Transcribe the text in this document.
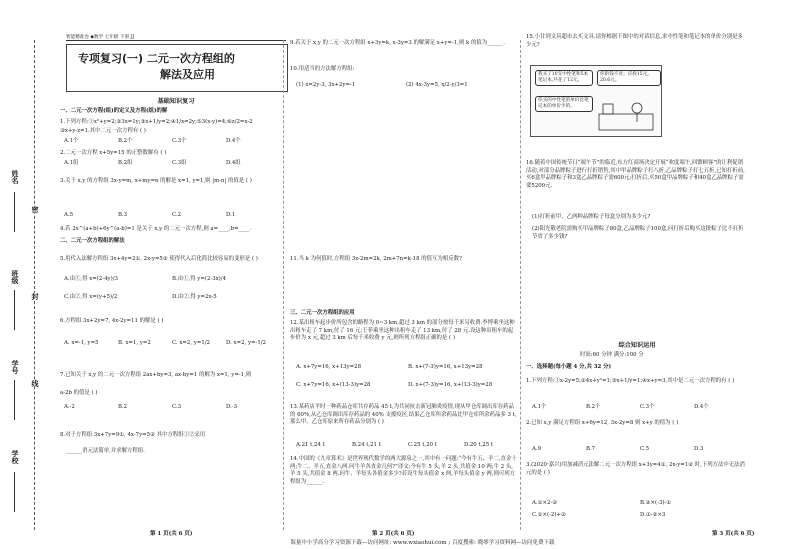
姓名
班级
学号
学校
密
封
线
智能精准卷 ◆数学 七年级 下册 JJ
专项复习(一) 二元一次方程组的
解法及应用
基础知识复习
一、二元一次方程(组)的定义及方程(组)的解
1.下列方程:①x²+y=2;②3x=1y;③x+1/y=2;④1/x=2y;⑤3(x-y)=4;⑥z/2=x-2
③x+y-z=1.其中二元一次方程有 ( )
A.1个	B.2个	C.3个	D.4个
2.二元一次方程 x+5y=15 的正整数解有 ( )
A.1组	B.2组	C.3组	D.4组
3.关于 x,y 的方程组 3x-y=m, x+my=n 的解是 x=1, y=1,则 |m-n| 的值是 ( )
A.5	B.3	C.2	D.1
4.若 2x^(a+b)+6y^(a-b)=1 是关于 x,y 的二元一次方程,则 a=____,b=____.
二、二元一次方程组的解法
5.用代入法解方程组 3x+4y=2①, 2x-y=5② 使得代入后化简比较容易的变形是 ( )
A.由①,得 x=(2-4y)/3	B.由①,得 y=(2-3x)/4
C.由②,得 x=(y+5)/2	D.由②,得 y=2x-5
6.方程组 3x+2y=7, 4x-2y=11 的解是 ( )
A. x=-1, y=5	B. x=1, y=2	C. x=2, y=1/2	D. x=2, y=-1/2
7.已知关于 x,y 的二元一次方程组 2ax+by=3, ax-by=1 的解为 x=1, y=-1,则
a-2b 的值是 ( )
A.-2	B.2	C.3	D.-3
8.对于方程组 3x+7y=9①, 4x-7y=5② 其中方程组①②采用
______消元法简单,并求解方程组.
9.若关于 x,y 的二元一次方程组 x+3y=k, x-3y=3 的解满足 x+y=-1,则 k 的值为______.
10.用适当的方法解方程组:
(1) x=2y-3, 3x+2y=-1	(2) 4x-3y=5, x/2-y/3=1
11.当 k 为何值时,方程组 3x-2m=2k, 2m+7n=k-18 的值互为相反数?
三、二元一次方程组的应用
12.某出租车起步价所包含的路程为 0~3 km,超过 3 km 的部分按每千米另收费.李博乘坐这种出租车走了 7 km,付了 16 元;王菲乘坐这种出租车走了 13 km,付了 28 元.设这种出租车的起步价为 x 元,超过 3 km 后每千米收费 y 元,则所列方程组正确的是 ( )
A. x+7y=16, x+13y=28	B. x+(7-3)y=16, x+13y=28
C. x+7y=16, x+(13-3)y=28	D. x+(7-3)y=16, x+(13-3)y=28
13.某药店平时一种药品仓库共存药品 45 t,为共同抗击新冠肺炎疫情,现从甲仓库调出库存药品的 60%,从乙仓库调出库存药品的 40% 支援疫区,结果乙仓库所余药品比甲仓库所余药品多 3 t,那么甲、乙仓库原来所存药品分别为 ( )
A.21 t,24 t	B.24 t,21 t	C.25 t,20 t	D.20 t,25 t
14.中国的《九章算术》是世界现代数学的两大源泉之一,其中有一问题:“今有牛五、羊二,直金十两;牛二、羊五,直金八两.问牛羊各直金几何?”译文:今有牛 5 头,羊 2 头,共值金 10 两;牛 2 头,羊 5 头,共值金 8 两.问牛、羊每头各值金多少?若设牛每头值金 x 两,羊每头值金 y 两,则可列方程组为______.
15.小甘到文具超市去买文具.请你根据下图中的对话信息,求中性笔和笔记本的单价分别是多少元?
我买了10支中性笔和5本笔记本,共花了12元。
你的钱不对。应找15元。20.6元。
你买的中性笔的单价比笔记本的单价少的。
16.随着中国传统节日“端午节”的临近,东方红商场决定开展“欢度端午,回馈顾客”的让利促销活动,对部分品牌粽子进行打折销售,其中甲品牌粽子打八折,乙品牌粽子打七五折,已知打折前,买6盒甲品牌粽子和3盒乙品牌粽子需600元;打折后,买50盒甲品牌粽子和40盒乙品牌粽子需要5200元.
(1)打折前甲、乙两种品牌粽子每盒分别为多少元?
(2)阳光敬老院需购买甲品牌粽子80盒,乙品牌粽子100盒,问打折后购买这批粽子比不打折节省了多少钱?
综合知识运用
时间:60 分钟 满分:100 分
一、选择题(每小题 4 分,共 32 分)
1.下列方程:①x-2y=5;②4x+y²=1;③x+1/y=1;④x+y=3,其中是二元一次方程的有 ( )
A.1个	B.2个	C.3个	D.4个
2.已知 x,y 满足方程组 x+6y=12, 3x-2y=8 则 x+y 的值为 ( )
A.9	B.7	C.5	D.3
3.(2020·嘉兴)用加减消元法解二元一次方程组 x+3y=4①, 2x-y=1② 时,下列方法中无法消元的是 ( )
A.①×2-②	B.②×(-3)-①
C.①×(-2)+②	D.①-②×3
第 1 页(共 6 页)	第 2 页(共 6 页)	第 3 页(共 6 页)
海量中小学高分学习资源下载—访问网址: www.wxiaohui.com ; 百度搜索: 晓琴学习资料网—访问免费下载
